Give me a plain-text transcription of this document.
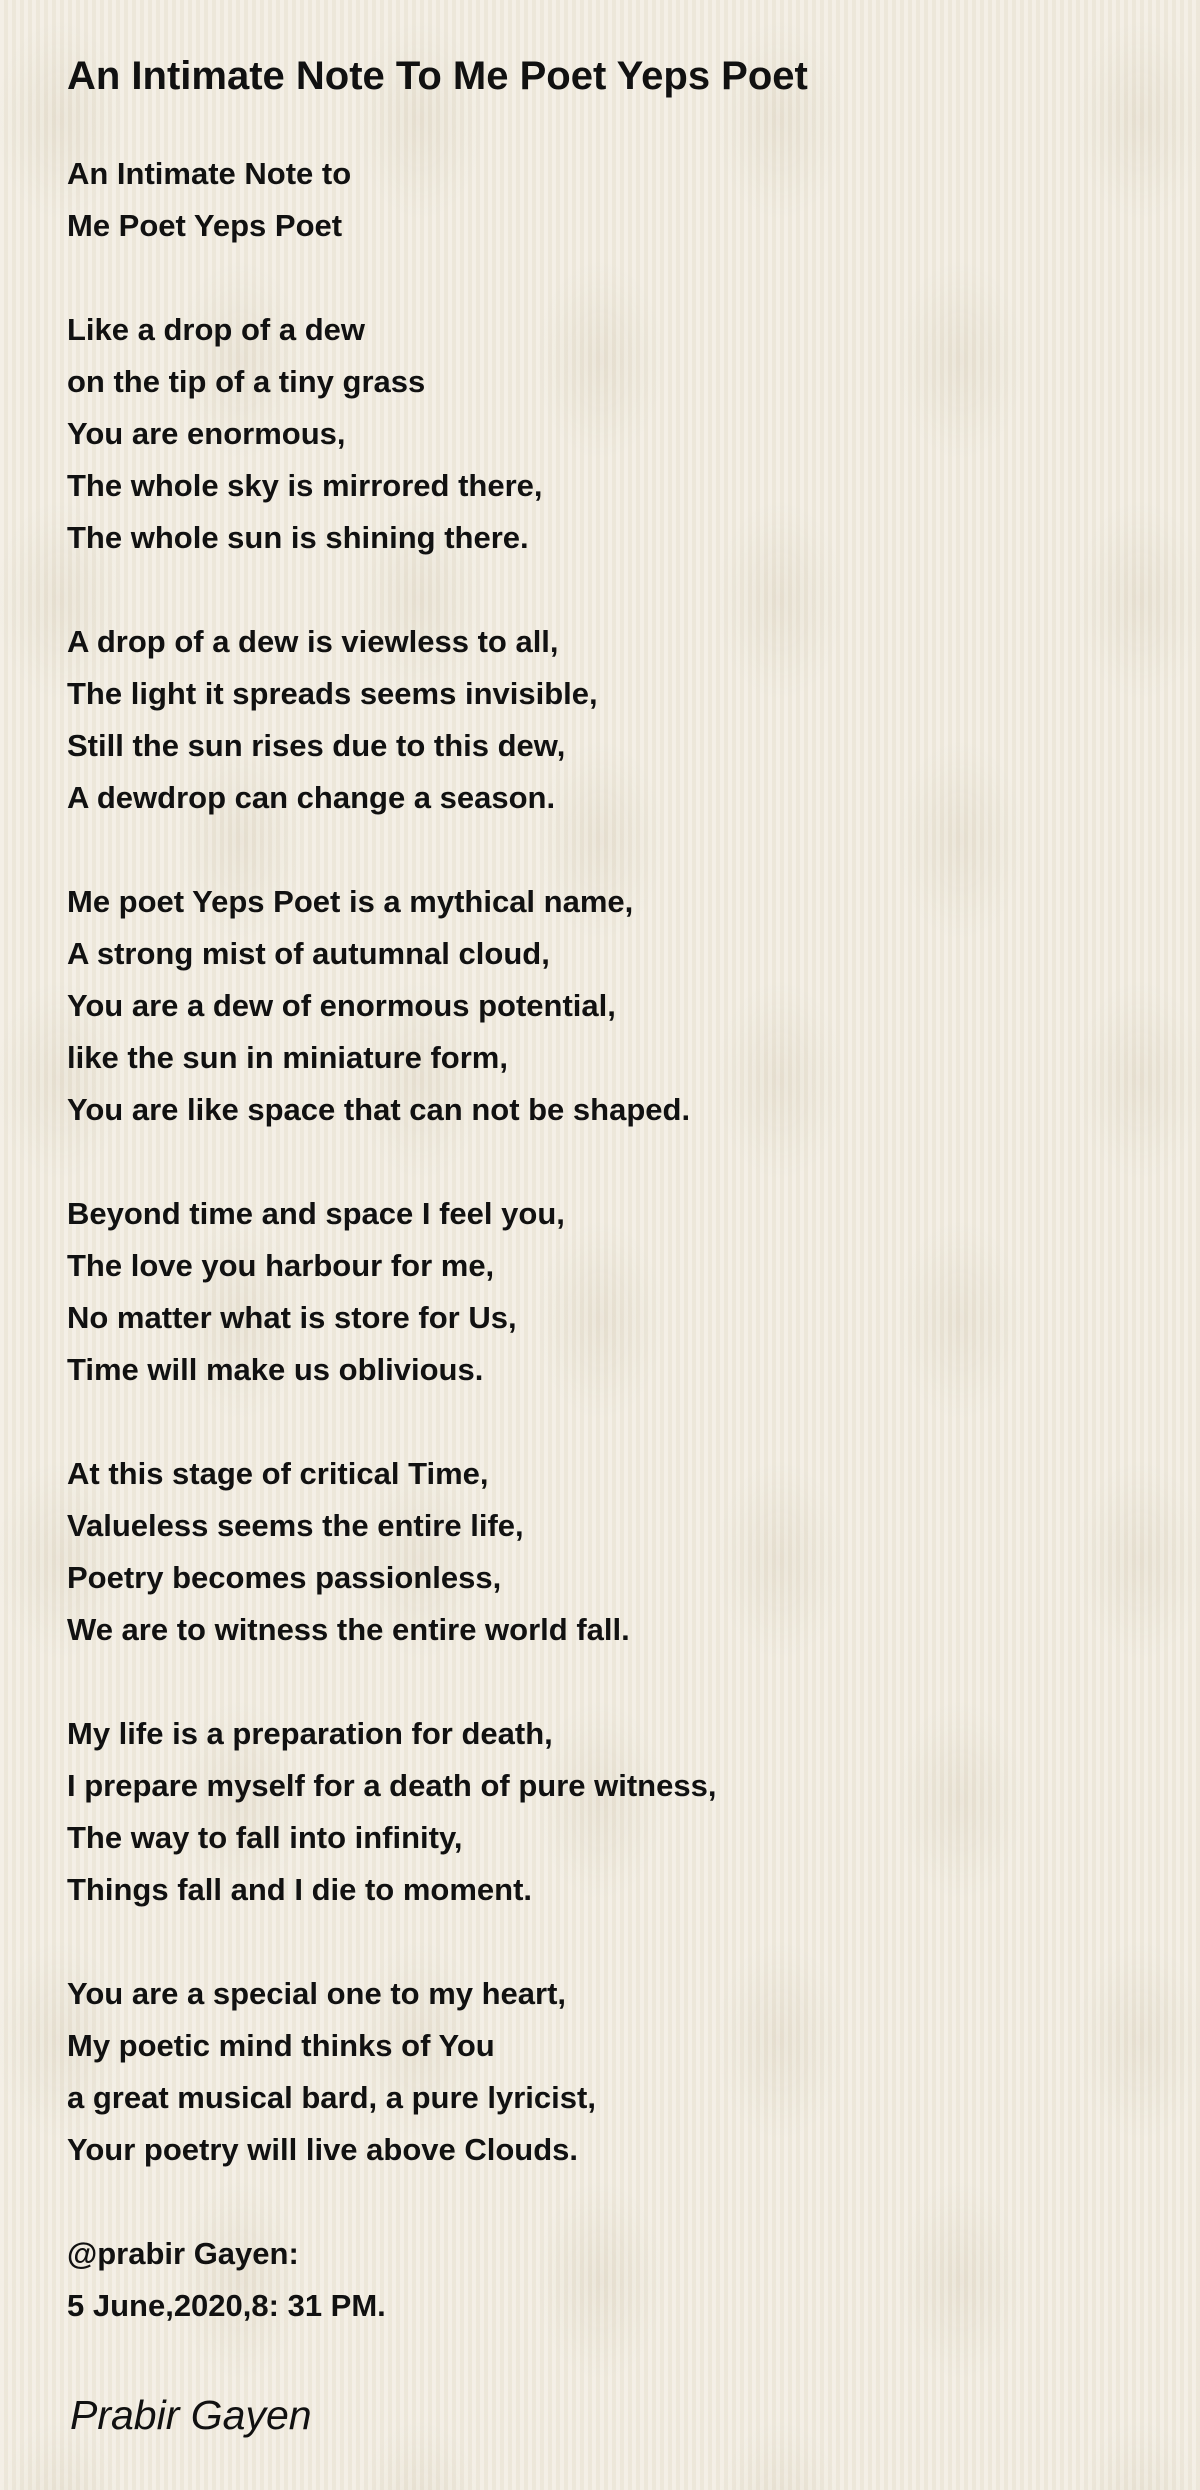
An Intimate Note To Me Poet Yeps Poet
An Intimate Note to
Me Poet Yeps Poet
Like a drop of a dew
on the tip of a tiny grass
You are enormous,
The whole sky is mirrored there,
The whole sun is shining there.
A drop of a dew is viewless to all,
The light it spreads seems invisible,
Still the sun rises due to this dew,
A dewdrop can change a season.
Me poet Yeps Poet is a mythical name,
A strong mist of autumnal cloud,
You are a dew of enormous potential,
like the sun in miniature form,
You are like space that can not be shaped.
Beyond time and space I feel you,
The love you harbour for me,
No matter what is store for Us,
Time will make us oblivious.
At this stage of critical Time,
Valueless seems the entire life,
Poetry becomes passionless,
We are to witness the entire world fall.
My life is a preparation for death,
I prepare myself for a death of pure witness,
The way to fall into infinity,
Things fall and I die to moment.
You are a special one to my heart,
My poetic mind thinks of You
a great musical bard, a pure lyricist,
Your poetry will live above Clouds.
@prabir Gayen:
5 June,2020,8: 31 PM.
Prabir Gayen
